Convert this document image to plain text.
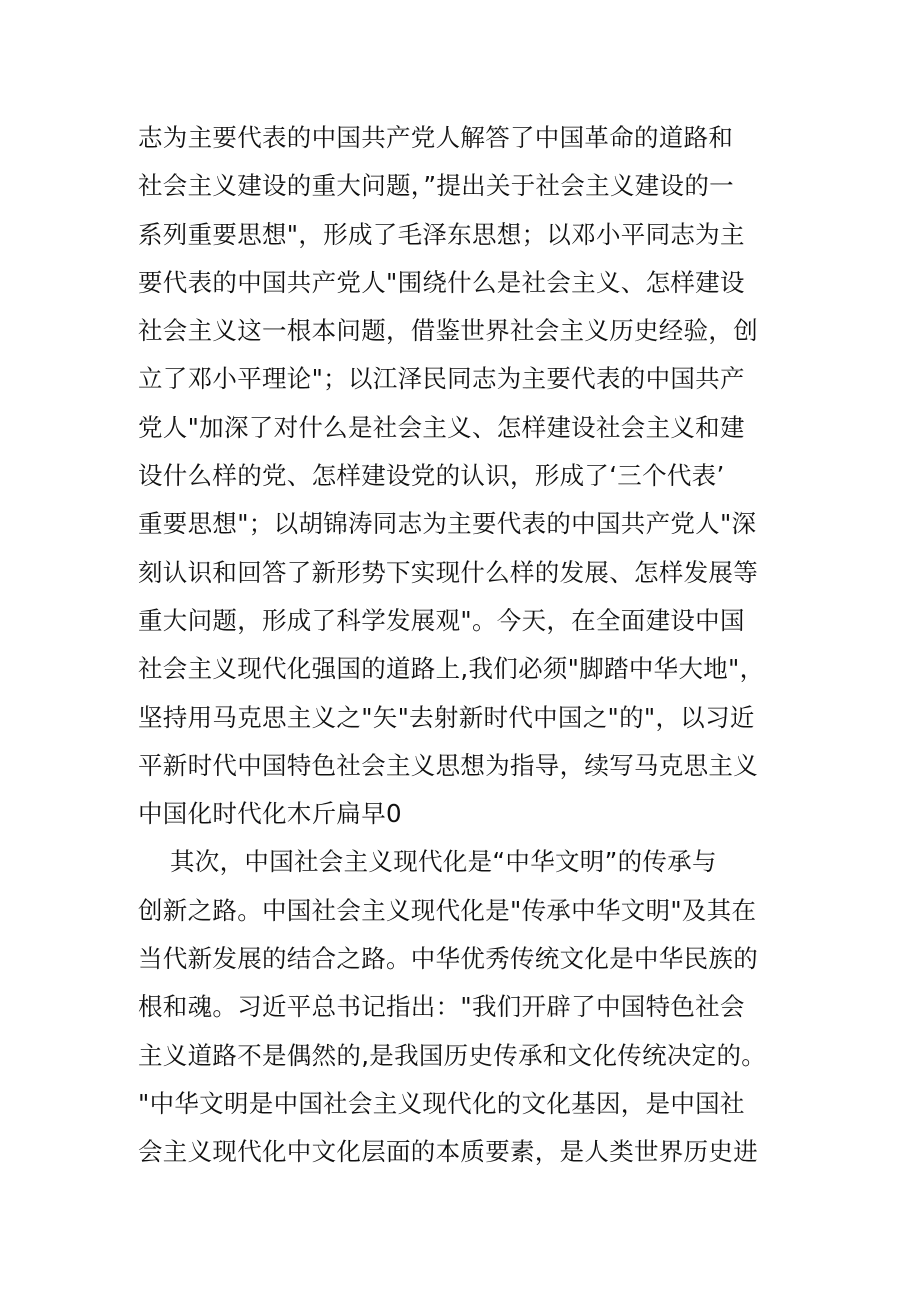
志为主要代表的中国共产党人解答了中国革命的道路和
社会主义建设的重大问题，”提出关于社会主义建设的一
系列重要思想"，形成了毛泽东思想；以邓小平同志为主
要代表的中国共产党人"围绕什么是社会主义、怎样建设
社会主义这一根本问题，借鉴世界社会主义历史经验，创
立了邓小平理论"；以江泽民同志为主要代表的中国共产
党人"加深了对什么是社会主义、怎样建设社会主义和建
设什么样的党、怎样建设党的认识，形成了‘三个代表’
重要思想"；以胡锦涛同志为主要代表的中国共产党人"深
刻认识和回答了新形势下实现什么样的发展、怎样发展等
重大问题，形成了科学发展观"。今天，在全面建设中国
社会主义现代化强国的道路上,我们必须"脚踏中华大地"，
坚持用马克思主义之"矢"去射新时代中国之"的"，以习近
平新时代中国特色社会主义思想为指导，续写马克思主义
中国化时代化木斤扁早0
其次，中国社会主义现代化是“中华文明”的传承与
创新之路。中国社会主义现代化是"传承中华文明"及其在
当代新发展的结合之路。中华优秀传统文化是中华民族的
根和魂。习近平总书记指出："我们开辟了中国特色社会
主义道路不是偶然的,是我国历史传承和文化传统决定的。
"中华文明是中国社会主义现代化的文化基因，是中国社
会主义现代化中文化层面的本质要素，是人类世界历史进
